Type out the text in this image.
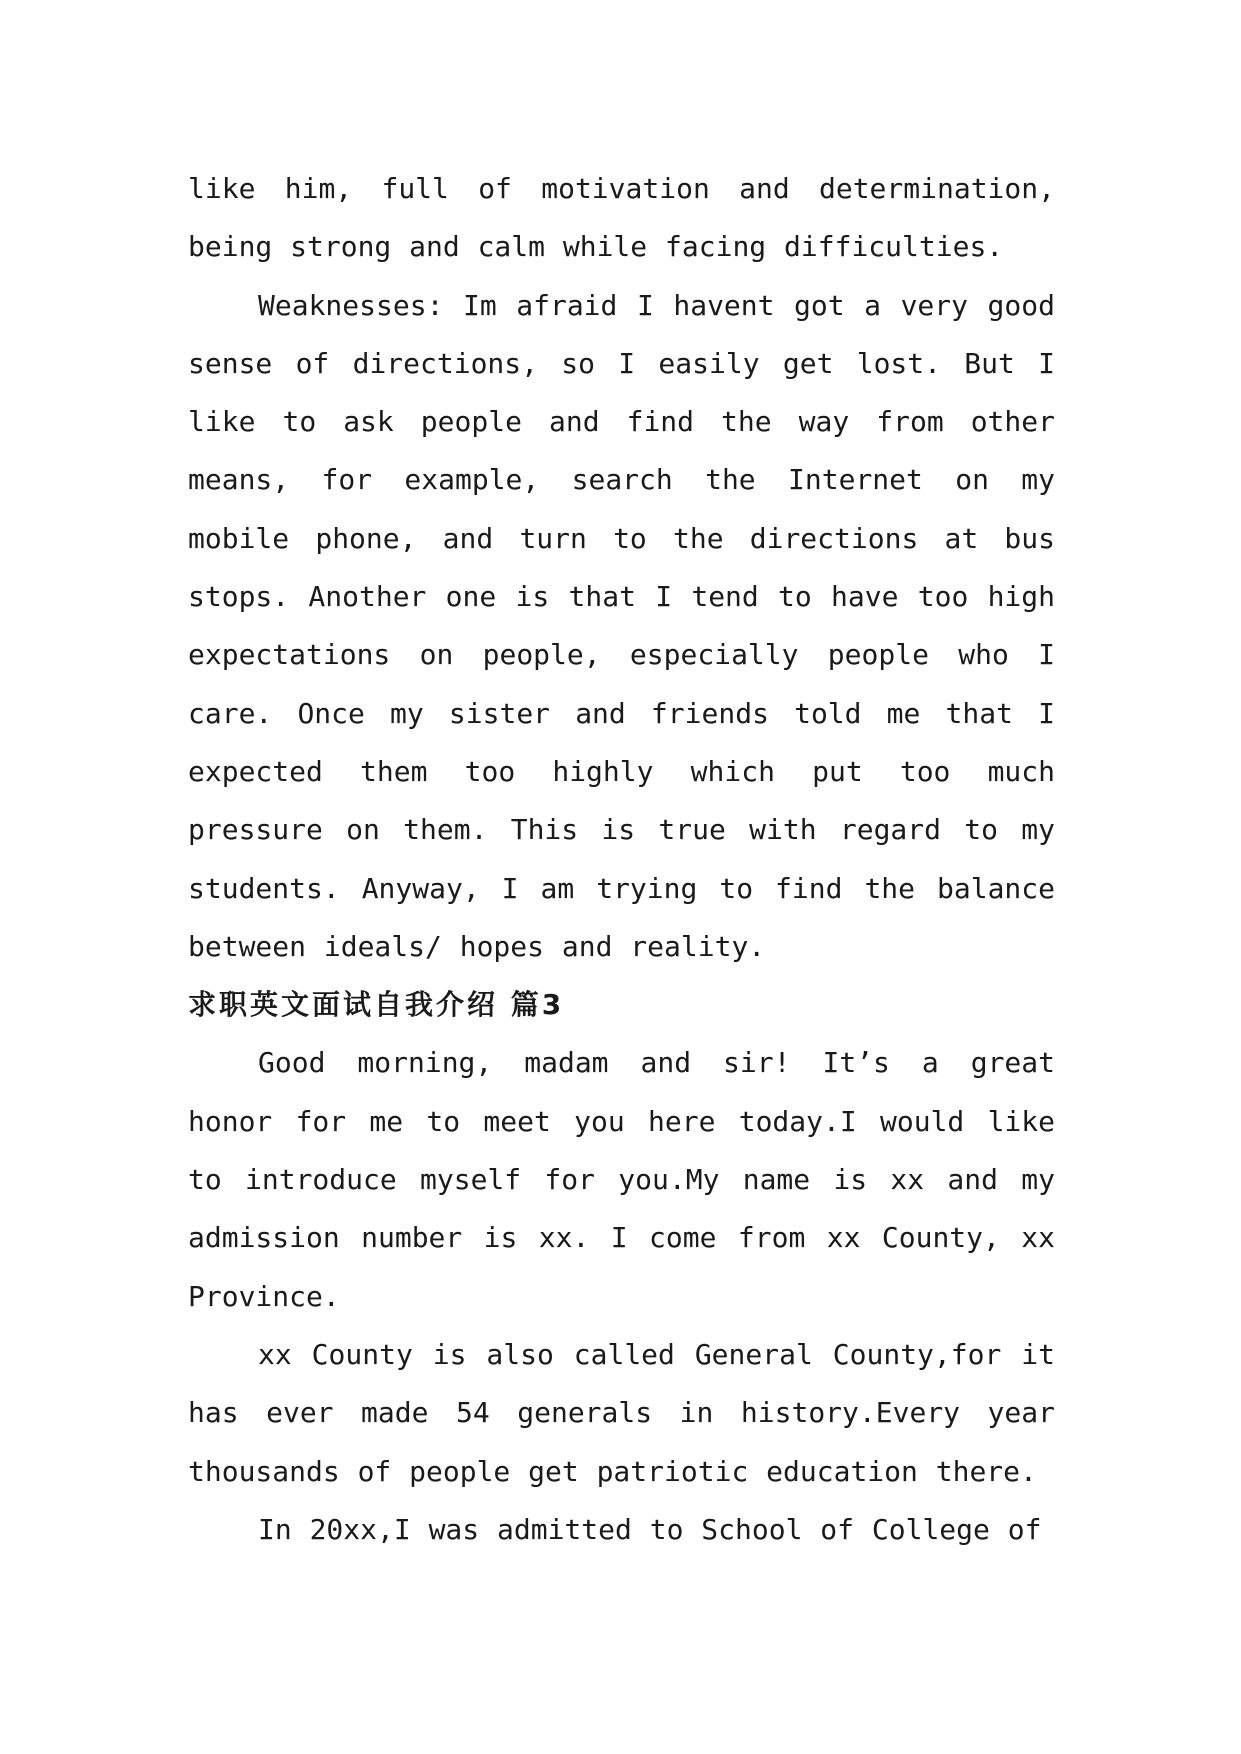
like him, full of motivation and determination, being strong and calm while facing difficulties.

Weaknesses: Im afraid I havent got a very good sense of directions, so I easily get lost. But I like to ask people and find the way from other means, for example, search the Internet on my mobile phone, and turn to the directions at bus stops. Another one is that I tend to have too high expectations on people, especially people who I care. Once my sister and friends told me that I expected them too highly which put too much pressure on them. This is true with regard to my students. Anyway, I am trying to find the balance between ideals/ hopes and reality.

求职英文面试自我介绍 篇3

Good morning, madam and sir! It’s a great honor for me to meet you here today.I would like to introduce myself for you.My name is xx and my admission number is xx. I come from xx County, xx Province.

xx County is also called General County,for it has ever made 54 generals in history.Every year thousands of people get patriotic education there.

In 20xx,I was admitted to School of College of
